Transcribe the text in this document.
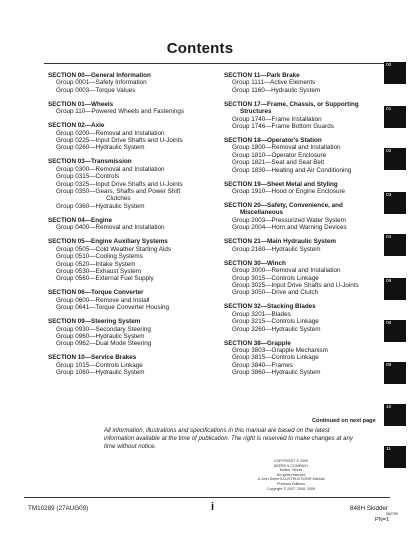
Contents
SECTION 00—General Information
Group 0001—Safety Information
Group 0003—Torque Values
SECTION 01—Wheels
Group 110—Powered Wheels and Fastenings
SECTION 02—Axle
Group 0200—Removal and Installation
Group 0225—Input Drive Shafts and U-Joints
Group 0260—Hydraulic System
SECTION 03—Transmission
Group 0300—Removal and Installation
Group 0315—Controls
Group 0325—Input Drive Shafts and U-Joints
Group 0350—Gears, Shafts and Power Shift
Clutches
Group 0360—Hydraulic System
SECTION 04—Engine
Group 0400—Removal and Installation
SECTION 05—Engine Auxiliary Systems
Group 0505—Cold Weather Starting Aids
Group 0510—Cooling Systems
Group 0520—Intake System
Group 0530—Exhaust System
Group 0560—External Fuel Supply
SECTION 06—Torque Converter
Group 0600—Remove and Install
Group 0641—Torque Converter Housing
SECTION 09—Steering System
Group 0930—Secondary Steering
Group 0960—Hydraulic System
Group 0962—Dual Mode Steering
SECTION 10—Service Brakes
Group 1015—Controls Linkage
Group 1060—Hydraulic System
SECTION 11—Park Brake
Group 1111—Active Elements
Group 1160—Hydraulic System
SECTION 17—Frame, Chassis, or Supporting
Structures
Group 1740—Frame Installation
Group 1746—Frame Bottom Guards
SECTION 18—Operator's Station
Group 1800—Removal and Installation
Group 1810—Operator Enclosure
Group 1821—Seat and Seat Belt
Group 1830—Heating and Air Conditioning
SECTION 19—Sheet Metal and Styling
Group 1910—Hood or Engine Enclosure
SECTION 20—Safety, Convenience, and
Miscellaneous
Group 2003—Pressurized Water System
Group 2004—Horn and Warning Devices
SECTION 21—Main Hydraulic System
Group 2160—Hydraulic System
SECTION 30—Winch
Group 3000—Removal and Installation
Group 3015—Controls Linkage
Group 3025—Input Drive Shafts and U-Joints
Group 3050—Drive and Clutch
SECTION 32—Stacking Blades
Group 3201—Blades
Group 3215—Controls Linkage
Group 3260—Hydraulic System
SECTION 38—Grapple
Group 3803—Grapple Mechanism
Group 3815—Controls Linkage
Group 3840—Frames
Group 3860—Hydraulic System
Continued on next page
All information, illustrations and specifications in this manual are based on the latest information available at the time of publication. The right is reserved to make changes at any time without notice.
COPYRIGHT © 2009
DEERE & COMPANY
Moline, Illinois
All rights reserved
A John Deere ILLUSTRUCTION® Manual
Previous Editions
Copyright © 2007, 2008, 2009
TM10289 (27AUG09)	i	848H Skidder
062709
PN=1
00
01
02
03
04
05
06
09
10
11
